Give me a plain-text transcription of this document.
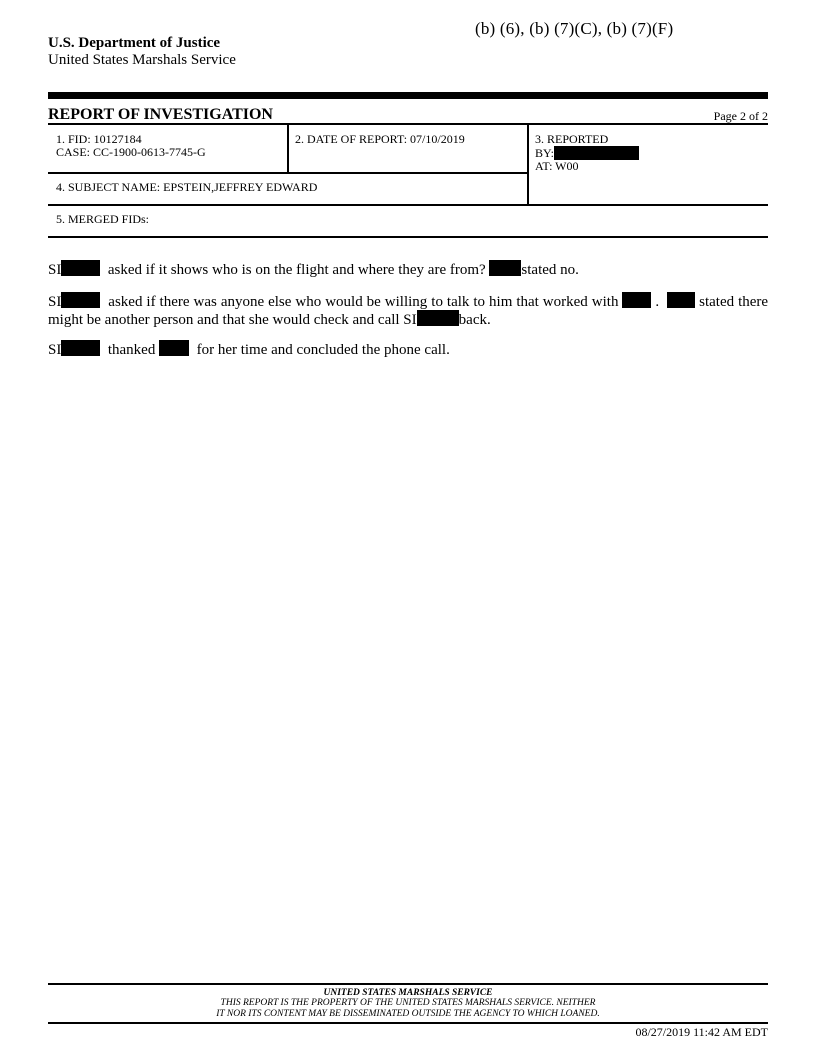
(b) (6), (b) (7)(C), (b) (7)(F)
U.S. Department of Justice
United States Marshals Service
REPORT OF INVESTIGATION	Page 2 of 2
1. FID: 10127184
CASE: CC-1900-0613-7745-G
2. DATE OF REPORT: 07/10/2019	3. REPORTED
BY:
AT: W00
4. SUBJECT NAME: EPSTEIN,JEFFREY EDWARD
5. MERGED FIDs:
SI	asked if it shows who is on the flight and where they are from? stated no.
SI	asked if there was anyone else who would be willing to talk to him that worked with .	stated there might be another person and that she would check and call SI	back.
SI	thanked	for her time and concluded the phone call.
UNITED STATES MARSHALS SERVICE
THIS REPORT IS THE PROPERTY OF THE UNITED STATES MARSHALS SERVICE. NEITHER
IT NOR ITS CONTENT MAY BE DISSEMINATED OUTSIDE THE AGENCY TO WHICH LOANED.
08/27/2019 11:42 AM EDT
